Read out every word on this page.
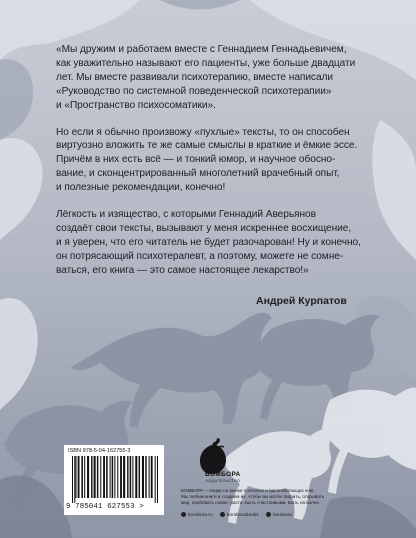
«Мы дружим и работаем вместе с Геннадием Геннадьевичем,
как уважительно называют его пациенты, уже больше двадцати
лет. Мы вместе развивали психотерапию, вместе написали
«Руководство по системной поведенческой психотерапии»
и «Пространство психосоматики».

Но если я обычно произвожу «пухлые» тексты, то он способен
виртуозно вложить те же самые смыслы в краткие и ёмкие эссе.
Причём в них есть всё — и тонкий юмор, и научное обосно-
вание, и сконцентрированный многолетний врачебный опыт,
и полезные рекомендации, конечно!

Лёгкость и изящество, с которыми Геннадий Аверьянов
создаёт свои тексты, вызывают у меня искреннее восхищение,
и я уверен, что его читатель не будет разочарован! Ну и конечно,
он потрясающий психотерапевт, а поэтому, можете не сомне-
ваться, его книга — это самое настоящее лекарство!»

Андрей Курпатов
ISBN 978-5-04-162755-3
9 785041 627553 >
БОМБОРА
ИЗДАТЕЛЬСТВО
БОМБОРА – лидер на рынке полезных и вдохновляющих книг.
Мы любим книги и создаем их, чтобы вы могли творить, открывать
мир, пробовать новое, расти. Быть счастливыми. Быть на волне.
bombora.ru	bomborabooks	bombora
